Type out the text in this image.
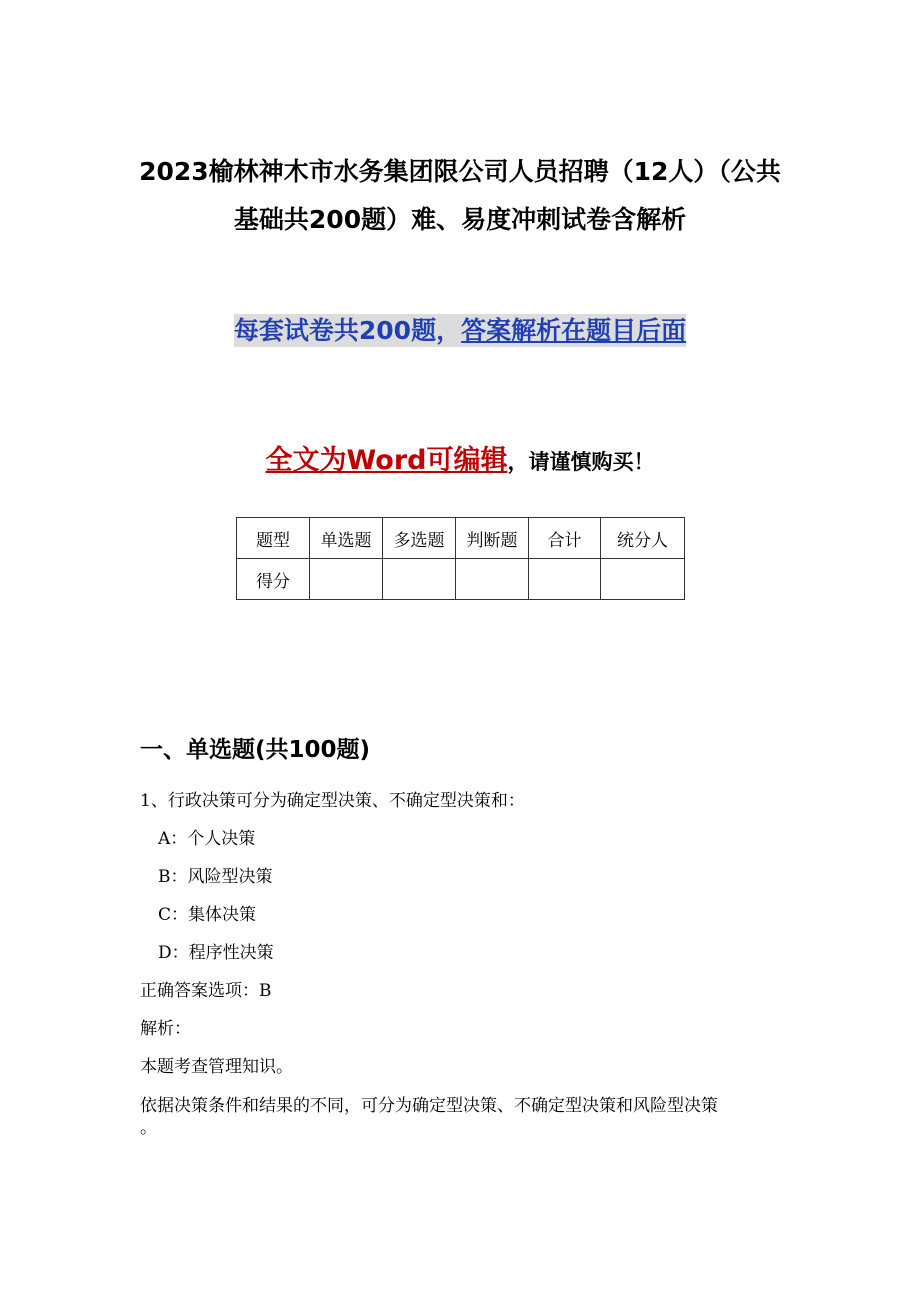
2023榆林神木市水务集团限公司人员招聘（12人）（公共
基础共200题）难、易度冲刺试卷含解析
每套试卷共200题，答案解析在题目后面
全文为Word可编辑，请谨慎购买！
题型	单选题	多选题	判断题	合计	统分人
得分					
一、单选题(共100题)
1、行政决策可分为确定型决策、不确定型决策和：
A：个人决策
B：风险型决策
C：集体决策
D：程序性决策
正确答案选项：B
解析：
本题考查管理知识。
依据决策条件和结果的不同，可分为确定型决策、不确定型决策和风险型决策
。
